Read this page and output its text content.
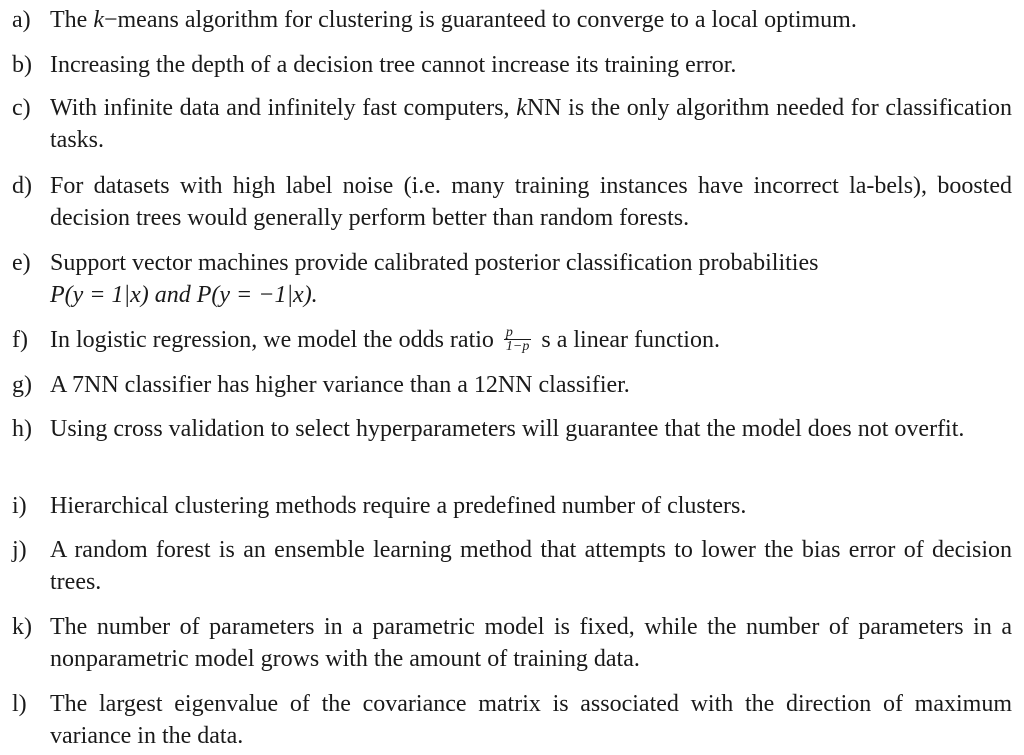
a) The k−means algorithm for clustering is guaranteed to converge to a local optimum.
b) Increasing the depth of a decision tree cannot increase its training error.
c) With infinite data and infinitely fast computers, kNN is the only algorithm needed for classification tasks.
d) For datasets with high label noise (i.e. many training instances have incorrect la-bels), boosted decision trees would generally perform better than random forests.
e) Support vector machines provide calibrated posterior classification probabilities
P(y = 1|x) and P(y = −1|x).
f) In logistic regression, we model the odds ratio $\frac{p}{1-p}$ s a linear function.
g) A 7NN classifier has higher variance than a 12NN classifier.
h) Using cross validation to select hyperparameters will guarantee that the model does not overfit.
i) Hierarchical clustering methods require a predefined number of clusters.
j) A random forest is an ensemble learning method that attempts to lower the bias error of decision trees.
k) The number of parameters in a parametric model is fixed, while the number of parameters in a nonparametric model grows with the amount of training data.
l) The largest eigenvalue of the covariance matrix is associated with the direction of maximum variance in the data.
